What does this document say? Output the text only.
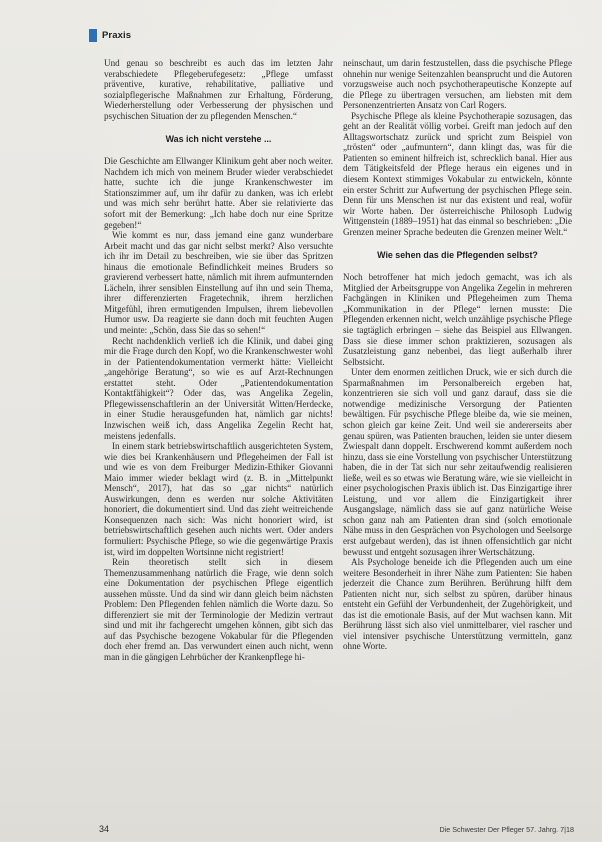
Praxis

Und genau so beschreibt es auch das im letzten Jahr verabschiedete Pflegeberufegesetz: „Pflege umfasst präventive, kurative, rehabilitative, palliative und sozialpflegerische Maßnahmen zur Erhaltung, Förderung, Wiederherstellung oder Verbesserung der physischen und psychischen Situation der zu pflegenden Menschen.“

Was ich nicht verstehe ...

Die Geschichte am Ellwanger Klinikum geht aber noch weiter. Nachdem ich mich von meinem Bruder wieder verabschiedet hatte, suchte ich die junge Krankenschwester im Stationszimmer auf, um ihr dafür zu danken, was ich erlebt und was mich sehr berührt hatte. Aber sie relativierte das sofort mit der Bemerkung: „Ich habe doch nur eine Spritze gegeben!“

Wie kommt es nur, dass jemand eine ganz wunderbare Arbeit macht und das gar nicht selbst merkt? Also versuchte ich ihr im Detail zu beschreiben, wie sie über das Spritzen hinaus die emotionale Befindlichkeit meines Bruders so gravierend verbessert hatte, nämlich mit ihrem aufmunternden Lächeln, ihrer sensiblen Einstellung auf ihn und sein Thema, ihrer differenzierten Fragetechnik, ihrem herzlichen Mitgefühl, ihren ermutigenden Impulsen, ihrem liebevollen Humor usw. Da reagierte sie dann doch mit feuchten Augen und meinte: „Schön, dass Sie das so sehen!“

Recht nachdenklich verließ ich die Klinik, und dabei ging mir die Frage durch den Kopf, wo die Krankenschwester wohl in der Patientendokumentation vermerkt hätte: Vielleicht „angehörige Beratung“, so wie es auf Arzt-Rechnungen erstattet steht. Oder „Patientendokumentation Kontaktfähigkeit“? Oder das, was Angelika Zegelin, Pflegewissenschaftlerin an der Universität Witten/Herdecke, in einer Studie herausgefunden hat, nämlich gar nichts! Inzwischen weiß ich, dass Angelika Zegelin Recht hat, meistens jedenfalls.

In einem stark betriebswirtschaftlich ausgerichteten System, wie dies bei Krankenhäusern und Pflegeheimen der Fall ist und wie es von dem Freiburger Medizin-Ethiker Giovanni Maio immer wieder beklagt wird (z. B. in „Mittelpunkt Mensch“, 2017), hat das so „gar nichts“ natürlich Auswirkungen, denn es werden nur solche Aktivitäten honoriert, die dokumentiert sind. Und das zieht weitreichende Konsequenzen nach sich: Was nicht honoriert wird, ist betriebswirtschaftlich gesehen auch nichts wert. Oder anders formuliert: Psychische Pflege, so wie die gegenwärtige Praxis ist, wird im doppelten Wortsinne nicht registriert!

Rein theoretisch stellt sich in diesem Themenzusammenhang natürlich die Frage, wie denn solch eine Dokumentation der psychischen Pflege eigentlich aussehen müsste. Und da sind wir dann gleich beim nächsten Problem: Den Pflegenden fehlen nämlich die Worte dazu. So differenziert sie mit der Terminologie der Medizin vertraut sind und mit ihr fachgerecht umgehen können, gibt sich das auf das Psychische bezogene Vokabular für die Pflegenden doch eher fremd an. Das verwundert einen auch nicht, wenn man in die gängigen Lehrbücher der Krankenpflege hi-

neinschaut, um darin festzustellen, dass die psychische Pflege ohnehin nur wenige Seitenzahlen beansprucht und die Autoren vorzugsweise auch noch psychotherapeutische Konzepte auf die Pflege zu übertragen versuchen, am liebsten mit dem Personenzentrierten Ansatz von Carl Rogers.

Psychische Pflege als kleine Psychotherapie sozusagen, das geht an der Realität völlig vorbei. Greift man jedoch auf den Alltagswortschatz zurück und spricht zum Beispiel von „trösten“ oder „aufmuntern“, dann klingt das, was für die Patienten so eminent hilfreich ist, schrecklich banal. Hier aus dem Tätigkeitsfeld der Pflege heraus ein eigenes und in diesem Kontext stimmiges Vokabular zu entwickeln, könnte ein erster Schritt zur Aufwertung der psychischen Pflege sein. Denn für uns Menschen ist nur das existent und real, wofür wir Worte haben. Der österreichische Philosoph Ludwig Wittgenstein (1889–1951) hat das einmal so beschrieben: „Die Grenzen meiner Sprache bedeuten die Grenzen meiner Welt.“

Wie sehen das die Pflegenden selbst?

Noch betroffener hat mich jedoch gemacht, was ich als Mitglied der Arbeitsgruppe von Angelika Zegelin in mehreren Fachgängen in Kliniken und Pflegeheimen zum Thema „Kommunikation in der Pflege“ lernen musste: Die Pflegenden erkennen nicht, welch unzählige psychische Pflege sie tagtäglich erbringen – siehe das Beispiel aus Ellwangen. Dass sie diese immer schon praktizieren, sozusagen als Zusatzleistung ganz nebenbei, das liegt außerhalb ihrer Selbstsicht.

Unter dem enormen zeitlichen Druck, wie er sich durch die Sparmaßnahmen im Personalbereich ergeben hat, konzentrieren sie sich voll und ganz darauf, dass sie die notwendige medizinische Versorgung der Patienten bewältigen. Für psychische Pflege bleibe da, wie sie meinen, schon gleich gar keine Zeit. Und weil sie andererseits aber genau spüren, was Patienten brauchen, leiden sie unter diesem Zwiespalt dann doppelt. Erschwerend kommt außerdem noch hinzu, dass sie eine Vorstellung von psychischer Unterstützung haben, die in der Tat sich nur sehr zeitaufwendig realisieren ließe, weil es so etwas wie Beratung wäre, wie sie vielleicht in einer psychologischen Praxis üblich ist. Das Einzigartige ihrer Leistung, und vor allem die Einzigartigkeit ihrer Ausgangslage, nämlich dass sie auf ganz natürliche Weise schon ganz nah am Patienten dran sind (solch emotionale Nähe muss in den Gesprächen von Psychologen und Seelsorge erst aufgebaut werden), das ist ihnen offensichtlich gar nicht bewusst und entgeht sozusagen ihrer Wertschätzung.

Als Psychologe beneide ich die Pflegenden auch um eine weitere Besonderheit in ihrer Nähe zum Patienten: Sie haben jederzeit die Chance zum Berühren. Berührung hilft dem Patienten nicht nur, sich selbst zu spüren, darüber hinaus entsteht ein Gefühl der Verbundenheit, der Zugehörigkeit, und das ist die emotionale Basis, auf der Mut wachsen kann. Mit Berührung lässt sich also viel unmittelbarer, viel rascher und viel intensiver psychische Unterstützung vermitteln, ganz ohne Worte.

34	Die Schwester Der Pfleger 57. Jahrg. 7|18
